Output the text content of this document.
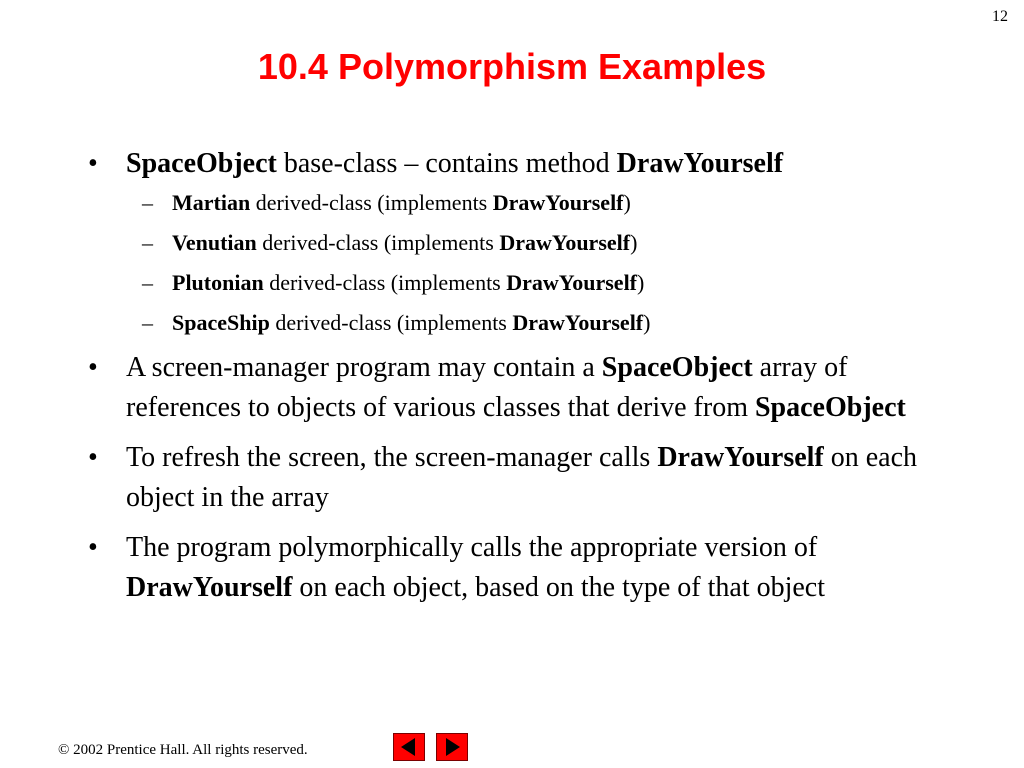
12
10.4 Polymorphism Examples
• SpaceObject base-class – contains method DrawYourself
– Martian derived-class (implements DrawYourself)
– Venutian derived-class (implements DrawYourself)
– Plutonian derived-class (implements DrawYourself)
– SpaceShip derived-class (implements DrawYourself)
• A screen-manager program may contain a SpaceObject array of references to objects of various classes that derive from SpaceObject
• To refresh the screen, the screen-manager calls DrawYourself on each object in the array
• The program polymorphically calls the appropriate version of DrawYourself on each object, based on the type of that object
© 2002 Prentice Hall. All rights reserved.
